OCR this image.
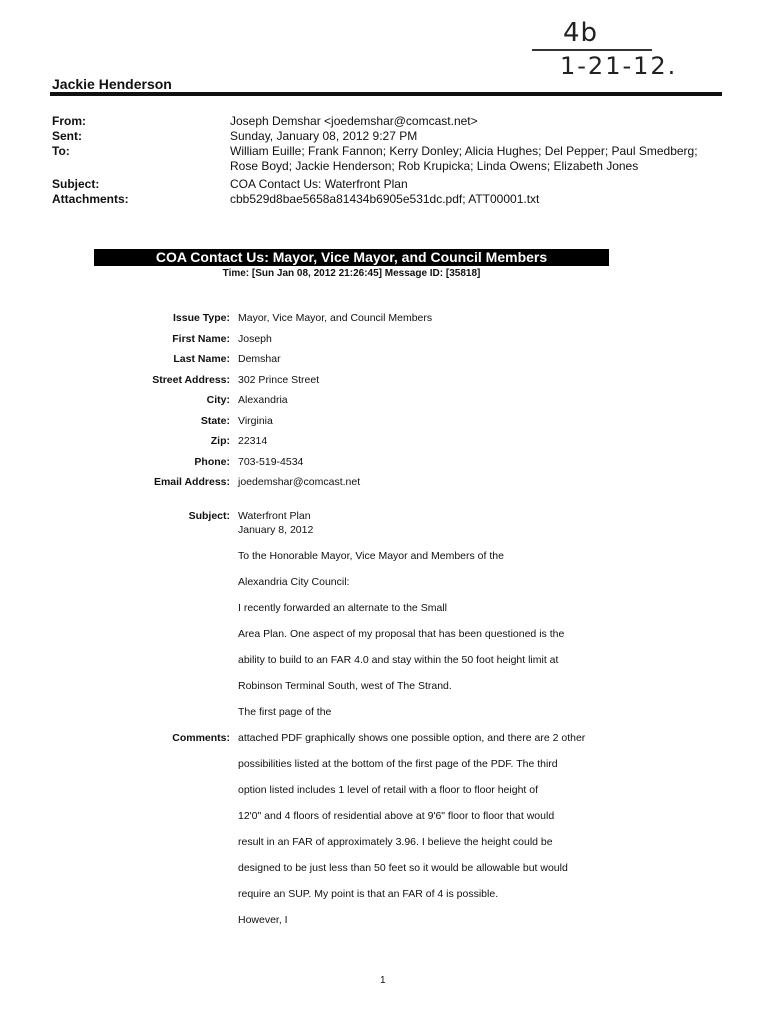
4b
1-21-12.
Jackie Henderson
From:	Joseph Demshar <joedemshar@comcast.net>
Sent:	Sunday, January 08, 2012 9:27 PM
To:	William Euille; Frank Fannon; Kerry Donley; Alicia Hughes; Del Pepper; Paul Smedberg; Rose Boyd; Jackie Henderson; Rob Krupicka; Linda Owens; Elizabeth Jones
Subject:	COA Contact Us: Waterfront Plan
Attachments:	cbb529d8bae5658a81434b6905e531dc.pdf; ATT00001.txt
COA Contact Us: Mayor, Vice Mayor, and Council Members
Time: [Sun Jan 08, 2012 21:26:45] Message ID: [35818]
Issue Type: Mayor, Vice Mayor, and Council Members
First Name: Joseph
Last Name: Demshar
Street Address: 302 Prince Street
City: Alexandria
State: Virginia
Zip: 22314
Phone: 703-519-4534
Email Address: joedemshar@comcast.net
Subject: Waterfront Plan
January 8, 2012
To the Honorable Mayor, Vice Mayor and Members of the
Alexandria City Council:
I recently forwarded an alternate to the Small
Area Plan. One aspect of my proposal that has been questioned is the
ability to build to an FAR 4.0 and stay within the 50 foot height limit at
Robinson Terminal South, west of The Strand.
The first page of the
Comments: attached PDF graphically shows one possible option, and there are 2 other
possibilities listed at the bottom of the first page of the PDF. The third
option listed includes 1 level of retail with a floor to floor height of
12'0" and 4 floors of residential above at 9'6" floor to floor that would
result in an FAR of approximately 3.96. I believe the height could be
designed to be just less than 50 feet so it would be allowable but would
require an SUP. My point is that an FAR of 4 is possible.
However, I
1
